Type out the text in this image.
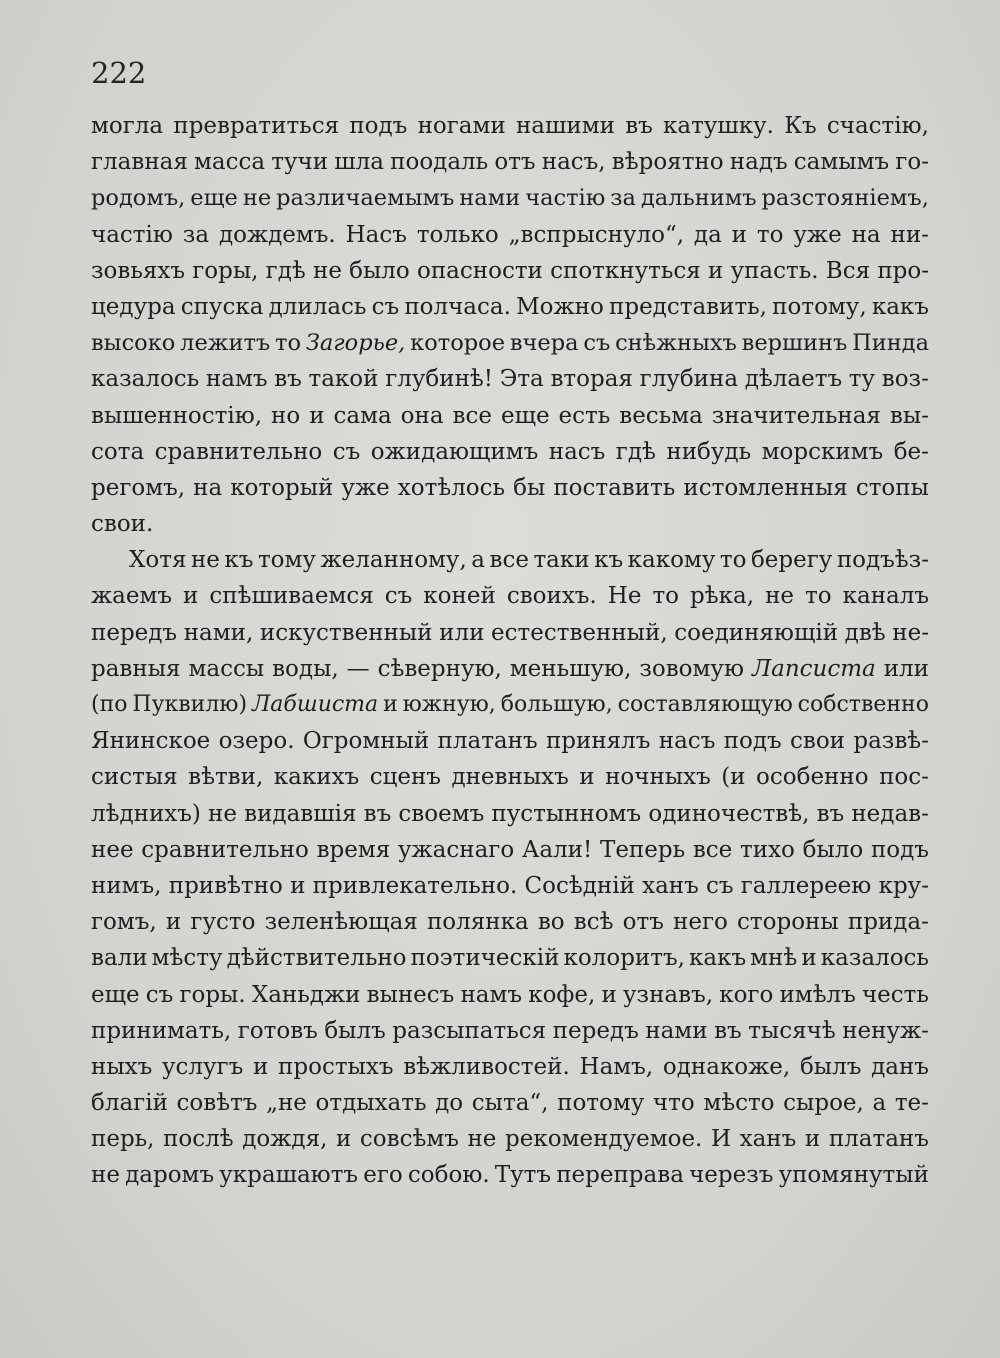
222
могла превратиться подъ ногами нашими въ катушку. Къ счастію,
главная масса тучи шла поодаль отъ насъ, вѣроятно надъ самымъ го-
родомъ, еще не различаемымъ нами частію за дальнимъ разстояніемъ,
частію за дождемъ. Насъ только „вспрыснуло“, да и то уже на ни-
зовьяхъ горы, гдѣ не было опасности споткнуться и упасть. Вся про-
цедура спуска длилась съ полчаса. Можно представить, потому, какъ
высоко лежитъ то Загорье, которое вчера съ снѣжныхъ вершинъ Пинда
казалось намъ въ такой глубинѣ! Эта вторая глубина дѣлаетъ ту воз-
вышенностію, но и сама она все еще есть весьма значительная вы-
сота сравнительно съ ожидающимъ насъ гдѣ нибудь морскимъ бе-
регомъ, на который уже хотѣлось бы поставить истомленныя стопы
свои.
Хотя не къ тому желанному, а все таки къ какому то берегу подъѣз-
жаемъ и спѣшиваемся съ коней своихъ. Не то рѣка, не то каналъ
передъ нами, искуственный или естественный, соединяющій двѣ не-
равныя массы воды, — сѣверную, меньшую, зовомую Лапсиста или
(по Пуквилю) Лабшиста и южную, большую, составляющую собственно
Янинское озеро. Огромный платанъ принялъ насъ подъ свои развѣ-
систыя вѣтви, какихъ сценъ дневныхъ и ночныхъ (и особенно пос-
лѣднихъ) не видавшія въ своемъ пустынномъ одиночествѣ, въ недав-
нее сравнительно время ужаснаго Аали! Теперь все тихо было подъ
нимъ, привѣтно и привлекательно. Сосѣдній ханъ съ галлереею кру-
гомъ, и густо зеленѣющая полянка во всѣ отъ него стороны прида-
вали мѣсту дѣйствительно поэтическій колоритъ, какъ мнѣ и казалось
еще съ горы. Ханьджи вынесъ намъ кофе, и узнавъ, кого имѣлъ честь
принимать, готовъ былъ разсыпаться передъ нами въ тысячѣ ненуж-
ныхъ услугъ и простыхъ вѣжливостей. Намъ, однакоже, былъ данъ
благій совѣтъ „не отдыхать до сыта“, потому что мѣсто сырое, а те-
перь, послѣ дождя, и совсѣмъ не рекомендуемое. И ханъ и платанъ
не даромъ украшаютъ его собою. Тутъ переправа черезъ упомянутый
